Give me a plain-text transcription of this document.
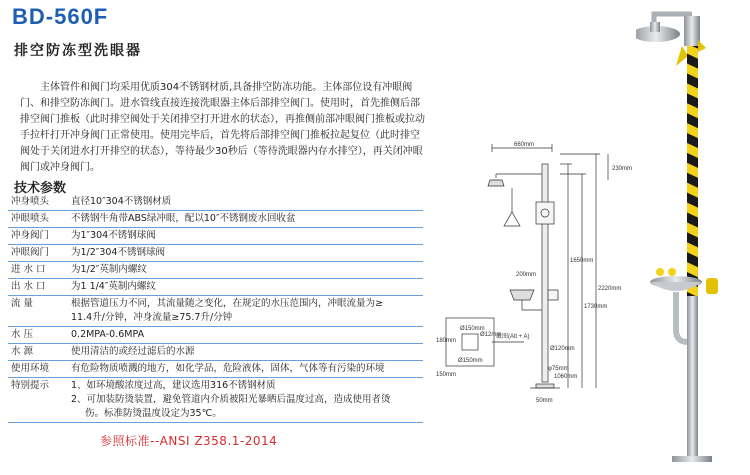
BD-560F
排空防冻型洗眼器

主体管件和阀门均采用优质304不锈钢材质,具备排空防冻功能。主体部位设有冲眼阀门、和排空防冻阀门。进水管线直接连接洗眼器主体后部排空阀门。使用时，首先推侧后部排空阀门推板（此时排空阀处于关闭排空打开进水的状态），再推侧前部冲眼阀门推板或拉动手拉杆打开冲身阀门正常使用。使用完毕后，首先将后部排空阀门推板拉起复位（此时排空阀处于关闭进水打开排空的状态），等待最少30秒后（等待洗眼器内存水排空），再关闭冲眼阀门或冲身阀门。

技术参数
冲身喷头	直径10″304不锈钢材质
冲眼喷头	不锈钢牛角带ABS绿冲眼，配以10″不锈钢废水回收盆
冲身阀门	为1″304不锈钢球阀
冲眼阀门	为1/2″304不锈钢球阀
进 水 口	为1/2″英制内螺纹
出 水 口	为1 1/4″英制内螺纹
流 量	根据管道压力不同，其流量随之变化，在规定的水压范围内，冲眼流量为≥
11.4升/分钟，冲身流量≥75.7升/分钟

水 压	0.2MPA-0.6MPA
水 源	使用清洁的或经过滤后的水源
使用环境	有危险物质喷溅的地方，如化学品，危险液体，固体，气体等有污染的环境
特别提示	1、如环境酸浓度过高，建议选用316不锈钢材质
2、可加装防烫装置，避免管道内介质被阳光暴晒后温度过高，造成使用者烫
伤。标准防烫温度设定为35℃。
参照标准--ANSI Z358.1-2014
660mm
230mm
200mm
1650mm
1730mm
2220mm
1060mm
Ø150mm
Ø150mm
截图(Alt + A)
Ø120mm
50mm
φ75mm
150mm
180mm
Ø12mm
